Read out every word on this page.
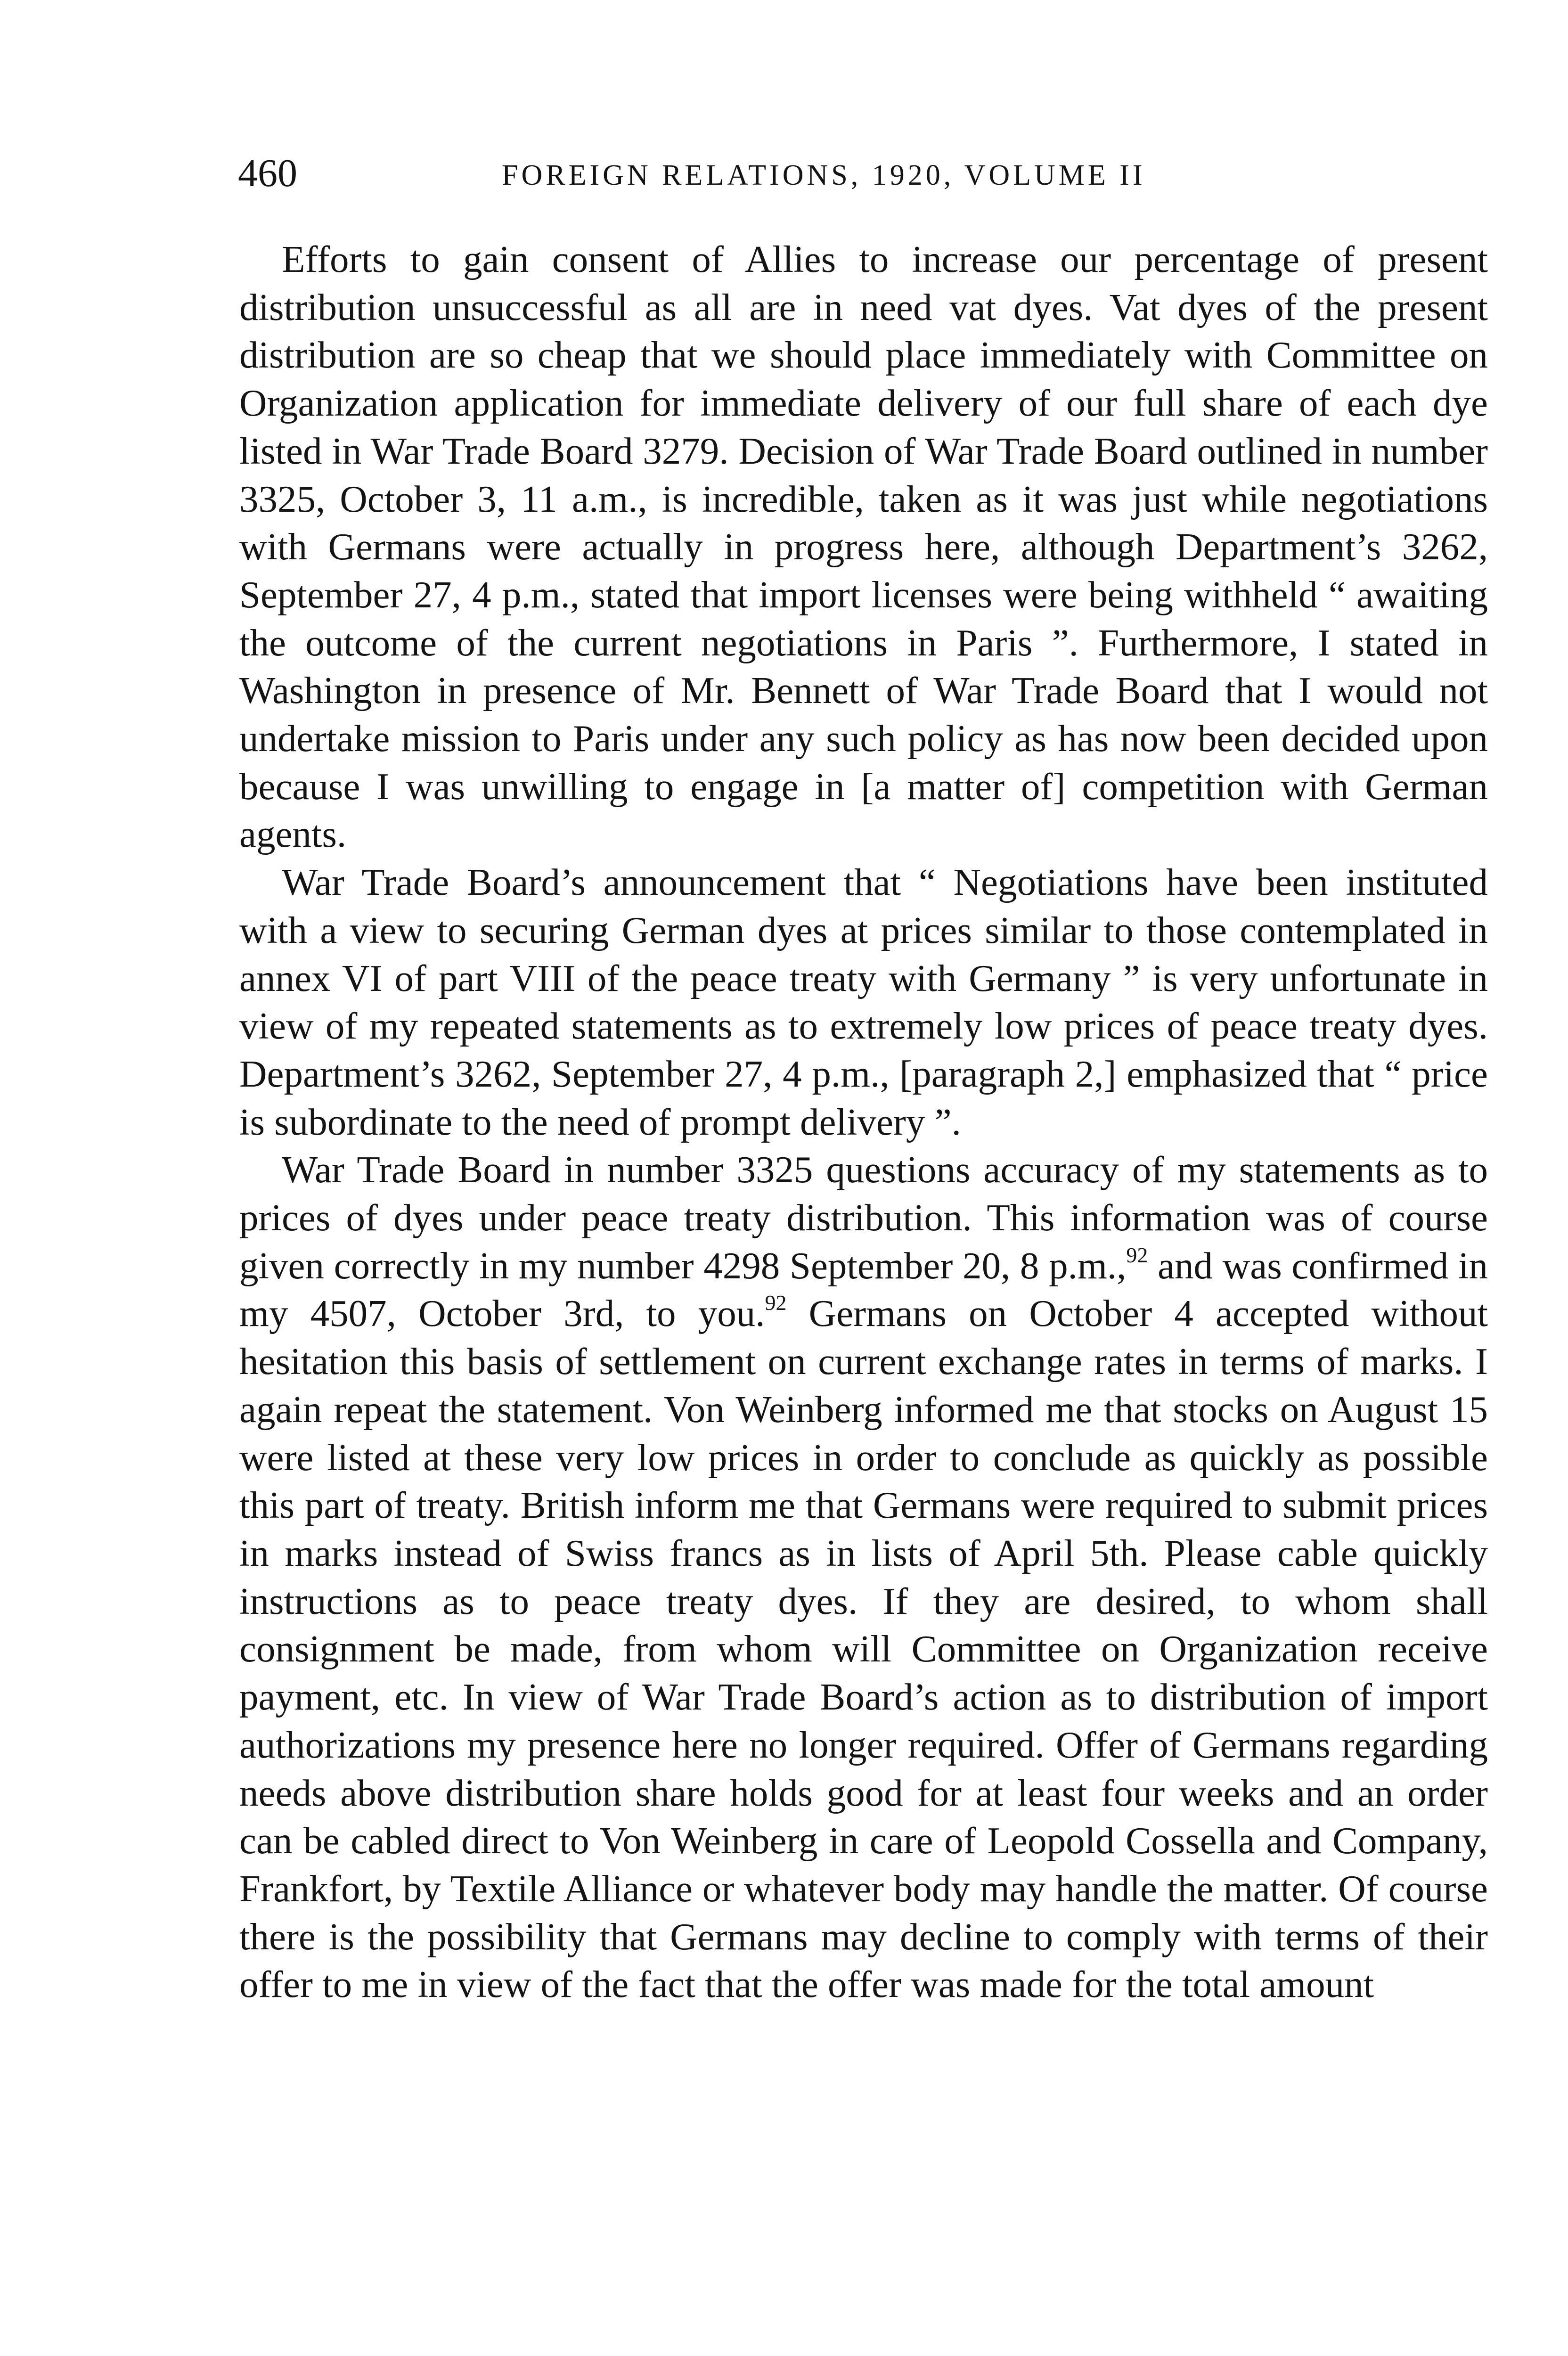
460	FOREIGN RELATIONS, 1920, VOLUME II

Efforts to gain consent of Allies to increase our percentage of present distribution unsuccessful as all are in need vat dyes. Vat dyes of the present distribution are so cheap that we should place immediately with Committee on Organization application for immediate delivery of our full share of each dye listed in War Trade Board 3279. Decision of War Trade Board outlined in number 3325, October 3, 11 a.m., is incredible, taken as it was just while negotiations with Germans were actually in progress here, although Department’s 3262, September 27, 4 p.m., stated that import licenses were being withheld “ awaiting the outcome of the current negotiations in Paris ”. Furthermore, I stated in Washington in presence of Mr. Bennett of War Trade Board that I would not undertake mission to Paris under any such policy as has now been decided upon because I was unwilling to engage in [a matter of] competition with German agents.

War Trade Board’s announcement that “ Negotiations have been instituted with a view to securing German dyes at prices similar to those contemplated in annex VI of part VIII of the peace treaty with Germany ” is very unfortunate in view of my repeated statements as to extremely low prices of peace treaty dyes. Department’s 3262, September 27, 4 p.m., [paragraph 2,] emphasized that “ price is subordinate to the need of prompt delivery ”.

War Trade Board in number 3325 questions accuracy of my statements as to prices of dyes under peace treaty distribution. This information was of course given correctly in my number 4298 September 20, 8 p.m.,$^{92}$ and was confirmed in my 4507, October 3rd, to you.$^{92}$ Germans on October 4 accepted without hesitation this basis of settlement on current exchange rates in terms of marks. I again repeat the statement. Von Weinberg informed me that stocks on August 15 were listed at these very low prices in order to conclude as quickly as possible this part of treaty. British inform me that Germans were required to submit prices in marks instead of Swiss francs as in lists of April 5th. Please cable quickly instructions as to peace treaty dyes. If they are desired, to whom shall consignment be made, from whom will Committee on Organization receive payment, etc. In view of War Trade Board’s action as to distribution of import authorizations my presence here no longer required. Offer of Germans regarding needs above distribution share holds good for at least four weeks and an order can be cabled direct to Von Weinberg in care of Leopold Cossella and Company, Frankfort, by Textile Alliance or whatever body may handle the matter. Of course there is the possibility that Germans may decline to comply with terms of their offer to me in view of the fact that the offer was made for the total amount
